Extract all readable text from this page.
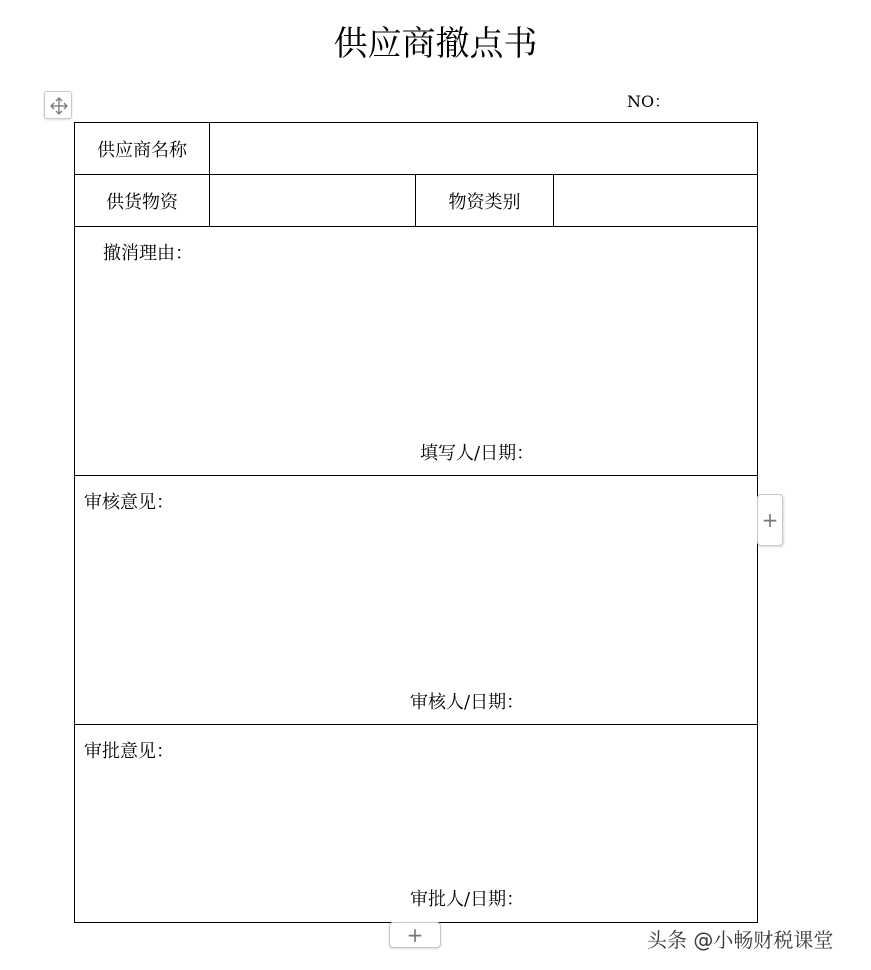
供应商撤点书
NO：
供应商名称			
供货物资		物资类别	

撤消理由：
填写人/日期：			

审核意见：
审核人/日期：			

审批意见：
审批人/日期：			
+
+	头条 @小畅财税课堂
